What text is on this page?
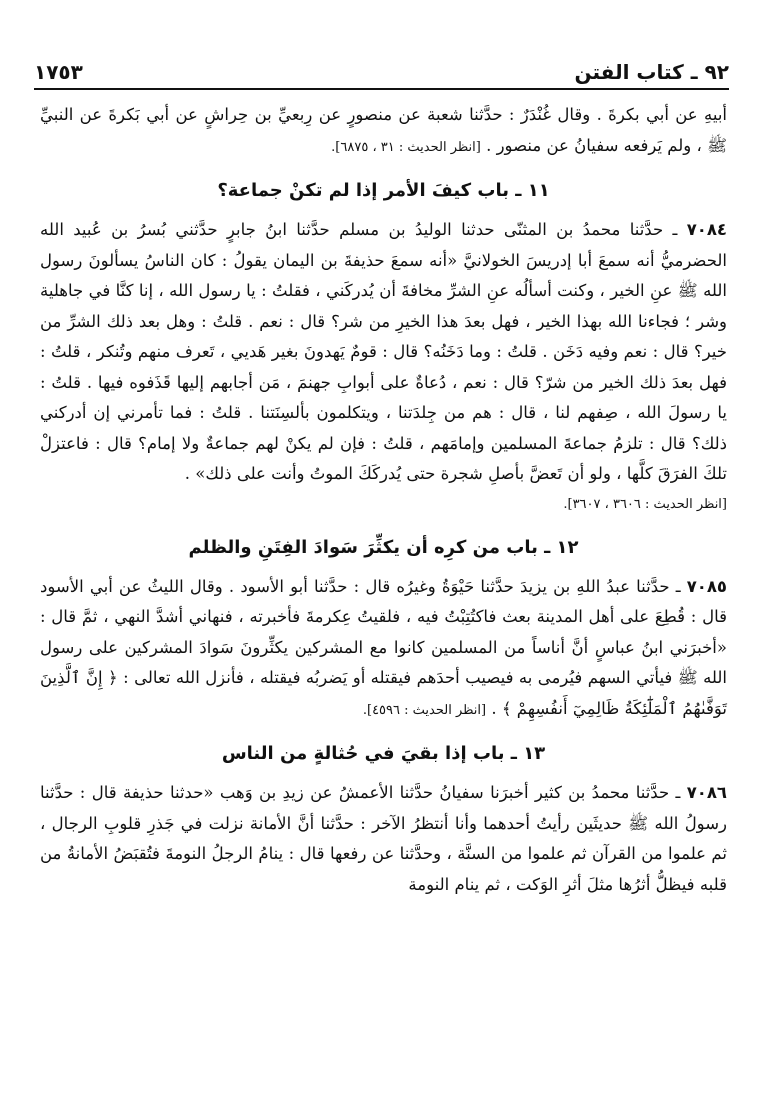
٩٢ ـ كتاب الفتن
١٧٥٣

أبيهِ عن أبي بكرةَ . وقال غُنْدَرٌ : حدَّثنا شعبة عن منصورٍ عن رِبعيِّ بن حِراشٍ عن أبي بَكرةَ عن النبيِّ ﷺ ، ولم يَرفعه سفيانُ عن منصور . [انظر الحديث : ٣١ ، ٦٨٧٥].

١١ ـ باب كيفَ الأمر إذا لم تكنْ جماعة؟

٧٠٨٤ ـ حدَّثنا محمدُ بن المثنّى حدثنا الوليدُ بن مسلم حدَّثنا ابنُ جابرٍ حدَّثني بُسرُ بن عُبيد الله الحضرميُّ أنه سمعَ أبا إدريسَ الخولانيَّ «أنه سمعَ حذيفةَ بن اليمان يقولُ : كان الناسُ يسألونَ رسول الله ﷺ عنِ الخير ، وكنت أسألُه عنِ الشرِّ مخافةَ أن يُدركَني ، فقلتُ : يا رسول الله ، إنا كنَّا في جاهلية وشر ؛ فجاءنا الله بهذا الخير ، فهل بعدَ هذا الخيرِ من شر؟ قال : نعم . قلتُ : وهل بعد ذلك الشرِّ من خير؟ قال : نعم وفيه دَخَن . قلتُ : وما دَخَنُه؟ قال : قومٌ يَهدونَ بغير هَديي ، تَعرف منهم وتُنكر ، قلتُ : فهل بعدَ ذلك الخير من شرّ؟ قال : نعم ، دُعاةٌ على أبوابِ جهنمَ ، مَن أجابهم إليها قَذَفوه فيها . قلتُ : يا رسولَ الله ، صِفهم لنا ، قال : هم من جِلدَتنا ، ويتكلمون بألسِنَتنا . قلتُ : فما تأمرني إن أدركني ذلك؟ قال : تلزمُ جماعةَ المسلمين وإمامَهم ، قلتُ : فإن لم يكنْ لهم جماعةٌ ولا إمام؟ قال : فاعتزلْ تلكَ الفرَقَ كلَّها ، ولو أن تَعضَّ بأصلِ شجرة حتى يُدركَكَ الموتُ وأنت على ذلك» .

[انظر الحديث : ٣٦٠٦ ، ٣٦٠٧].

١٢ ـ باب من كرِه أن يكثِّرَ سَوادَ الفِتَنِ والظلم

٧٠٨٥ ـ حدَّثنا عبدُ اللهِ بن يزيدَ حدَّثنا حَيْوَةُ وغيرُه قال : حدَّثنا أبو الأسود . وقال الليثُ عن أبي الأسود قال : قُطِعَ على أهل المدينة بعث فاكتُتِبْتُ فيه ، فلقيتُ عِكرمةَ فأخبرته ، فنهاني أشدَّ النهي ، ثمَّ قال : «أخبرَني ابنُ عباسٍ أنَّ أناساً من المسلمين كانوا مع المشركين يكثِّرونَ سَوادَ المشركين على رسول الله ﷺ فيأتي السهم فيُرمى به فيصيب أحدَهم فيقتله أو يَضربُه فيقتله ، فأنزل الله تعالى : ﴿ إِنَّ ٱلَّذِينَ تَوَفَّىٰهُمُ ٱلْمَلَٰٓئِكَةُ ظَالِمِيٓ أَنفُسِهِمْ ﴾ . [انظر الحديث : ٤٥٩٦].

١٣ ـ باب إذا بقيَ في حُثالةٍ من الناس

٧٠٨٦ ـ حدَّثنا محمدُ بن كثير أخبرَنا سفيانُ حدَّثنا الأعمشُ عن زيدِ بن وَهب «حدثنا حذيفة قال : حدَّثنا رسولُ الله ﷺ حديثَين رأيتُ أحدهما وأنا أنتظرُ الآخر : حدَّثنا أنَّ الأمانة نزلت في جَذرِ قلوبِ الرجال ، ثم علموا من القرآن ثم علموا من السنَّة ، وحدَّثنا عن رفعها قال : ينامُ الرجلُ النومةَ فتُقبَضُ الأمانةُ من قلبه فيظلُّ أثرُها مثلَ أثرِ الوَكت ، ثم ينام النومة
